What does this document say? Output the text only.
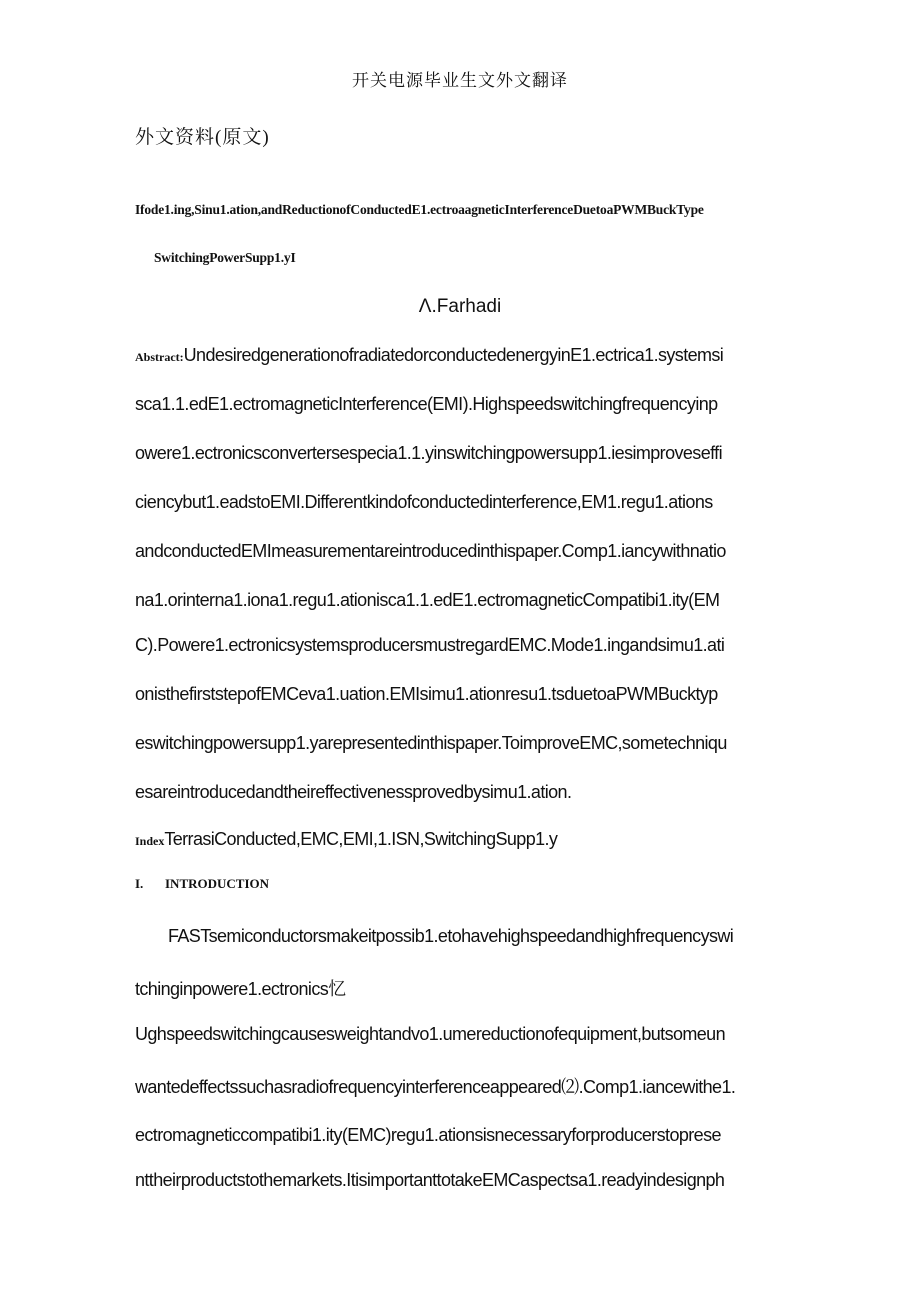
开关电源毕业生文外文翻译
外文资料(原文)
Ifode1.ing,Sinu1.ation,andReductionofConductedE1.ectroaagneticInterferenceDuetoaPWMBuckType
SwitchingPowerSupp1.yI
Λ.Farhadi
Abstract:UndesiredgenerationofradiatedorconductedenergyinE1.ectrica1.systemsi
sca1.1.edE1.ectromagneticInterference(EMI).Highspeedswitchingfrequencyinp
owere1.ectronicsconvertersespecia1.1.yinswitchingpowersupp1.iesimproveseffi
ciencybut1.eadstoEMI.Differentkindofconductedinterference,EM1.regu1.ations
andconductedEMImeasurementareintroducedinthispaper.Comp1.iancywithnatio
na1.orinterna1.iona1.regu1.ationisca1.1.edE1.ectromagneticCompatibi1.ity(EM
C).Powere1.ectronicsystemsproducersmustregardEMC.Mode1.ingandsimu1.ati
onisthefirststepofEMCeva1.uation.EMIsimu1.ationresu1.tsduetoaPWMBucktyp
eswitchingpowersupp1.yarepresentedinthispaper.ToimproveEMC,sometechniqu
esareintroducedandtheireffectivenessprovedbysimu1.ation.
IndexTerrasiConducted,EMC,EMI,1.ISN,SwitchingSupp1.y
I. INTRODUCTION
FASTsemiconductorsmakeitpossib1.etohavehighspeedandhighfrequencyswi
tchinginpowere1.ectronics忆
Ughspeedswitchingcausesweightandvo1.umereductionofequipment,butsomeun
wantedeffectssuchasradiofrequencyinterferenceappeared⑵.Comp1.iancewithe1.
ectromagneticcompatibi1.ity(EMC)regu1.ationsisnecessaryforproducerstoprese
nttheirproductstothemarkets.ItisimportanttotakeEMCaspectsa1.readyindesignph
